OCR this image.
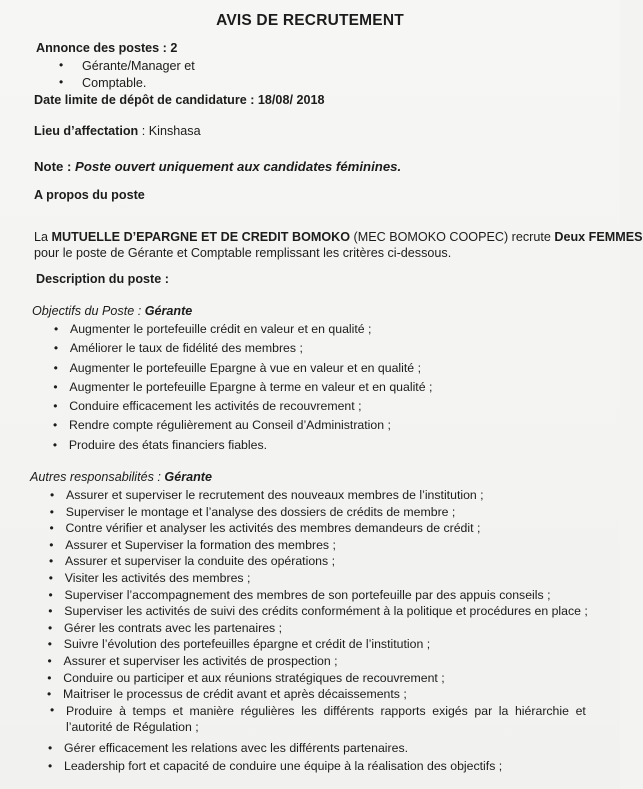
AVIS DE RECRUTEMENT
Annonce des postes : 2
• Gérante/Manager et
• Comptable.
Date limite de dépôt de candidature : 18/08/ 2018
Lieu d’affectation : Kinshasa
Note : Poste ouvert uniquement aux candidates féminines.
A propos du poste
La MUTUELLE D’EPARGNE ET DE CREDIT BOMOKO (MEC BOMOKO COOPEC) recrute Deux FEMMES
pour le poste de Gérante et Comptable remplissant les critères ci-dessous.
Description du poste :
Objectifs du Poste : Gérante
• Augmenter le portefeuille crédit en valeur et en qualité ;
• Améliorer le taux de fidélité des membres ;
• Augmenter le portefeuille Epargne à vue en valeur et en qualité ;
• Augmenter le portefeuille Epargne à terme en valeur et en qualité ;
• Conduire efficacement les activités de recouvrement ;
• Rendre compte régulièrement au Conseil d’Administration ;
• Produire des états financiers fiables.
Autres responsabilités : Gérante
• Assurer et superviser le recrutement des nouveaux membres de l’institution ;
• Superviser le montage et l’analyse des dossiers de crédits de membre ;
• Contre vérifier et analyser les activités des membres demandeurs de crédit ;
• Assurer et Superviser la formation des membres ;
• Assurer et superviser la conduite des opérations ;
• Visiter les activités des membres ;
• Superviser l’accompagnement des membres de son portefeuille par des appuis conseils ;
• Superviser les activités de suivi des crédits conformément à la politique et procédures en place ;
• Gérer les contrats avec les partenaires ;
• Suivre l’évolution des portefeuilles épargne et crédit de l’institution ;
• Assurer et superviser les activités de prospection ;
• Conduire ou participer et aux réunions stratégiques de recouvrement ;
• Maitriser le processus de crédit avant et après décaissements ;
• Produire à temps et manière régulières les différents rapports exigés par la hiérarchie et
l’autorité de Régulation ;
• Gérer efficacement les relations avec les différents partenaires.
• Leadership fort et capacité de conduire une équipe à la réalisation des objectifs ;
